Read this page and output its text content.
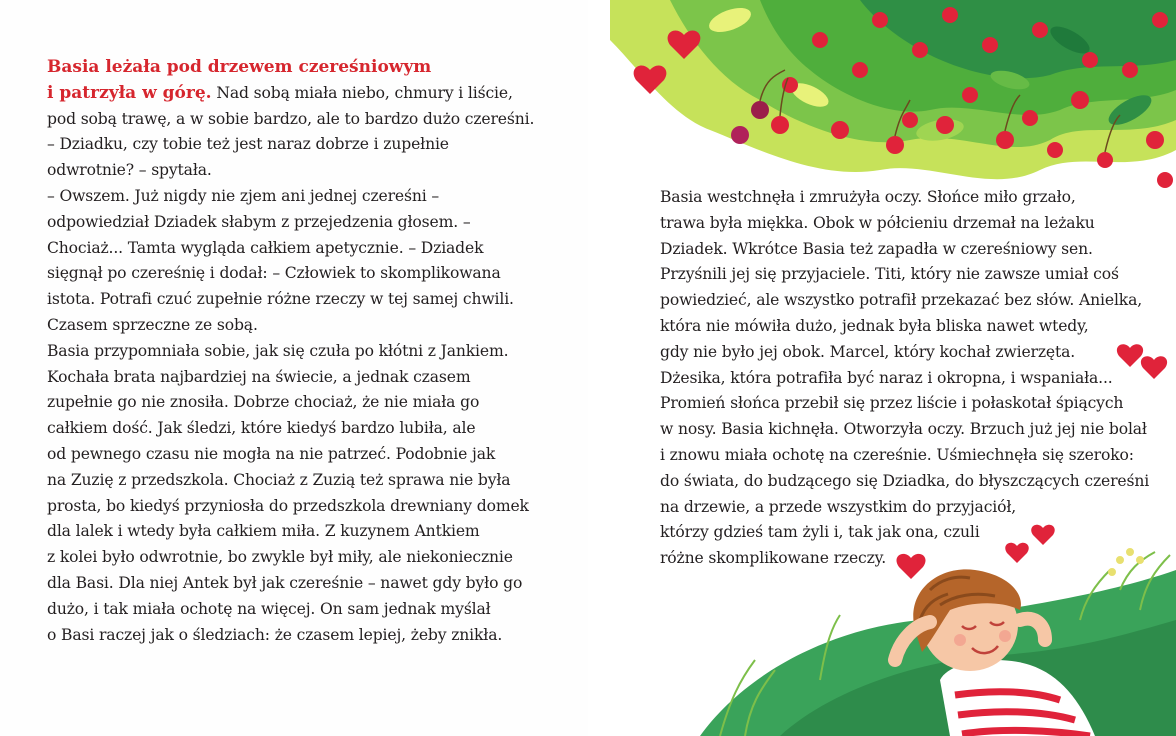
Basia leżała pod drzewem czereśniowym
i patrzyła w górę. Nad sobą miała niebo, chmury i liście,
pod sobą trawę, a w sobie bardzo, ale to bardzo dużo czereśni.
– Dziadku, czy tobie też jest naraz dobrze i zupełnie
odwrotnie? – spytała.
– Owszem. Już nigdy nie zjem ani jednej czereśni –
odpowiedział Dziadek słabym z przejedzenia głosem. –
Chociaż... Tamta wygląda całkiem apetycznie. – Dziadek
sięgnął po czereśnię i dodał: – Człowiek to skomplikowana
istota. Potrafi czuć zupełnie różne rzeczy w tej samej chwili.
Czasem sprzeczne ze sobą.
Basia przypomniała sobie, jak się czuła po kłótni z Jankiem.
Kochała brata najbardziej na świecie, a jednak czasem
zupełnie go nie znosiła. Dobrze chociaż, że nie miała go
całkiem dość. Jak śledzi, które kiedyś bardzo lubiła, ale
od pewnego czasu nie mogła na nie patrzeć. Podobnie jak
na Zuzię z przedszkola. Chociaż z Zuzią też sprawa nie była
prosta, bo kiedyś przyniosła do przedszkola drewniany domek
dla lalek i wtedy była całkiem miła. Z kuzynem Antkiem
z kolei było odwrotnie, bo zwykle był miły, ale niekoniecznie
dla Basi. Dla niej Antek był jak czereśnie – nawet gdy było go
dużo, i tak miała ochotę na więcej. On sam jednak myślał
o Basi raczej jak o śledziach: że czasem lepiej, żeby znikła.
Basia westchnęła i zmrużyła oczy. Słońce miło grzało,
trawa była miękka. Obok w półcieniu drzemał na leżaku
Dziadek. Wkrótce Basia też zapadła w czereśniowy sen.
Przyśnili jej się przyjaciele. Titi, który nie zawsze umiał coś
powiedzieć, ale wszystko potrafił przekazać bez słów. Anielka,
która nie mówiła dużo, jednak była bliska nawet wtedy,
gdy nie było jej obok. Marcel, który kochał zwierzęta.
Dżesika, która potrafiła być naraz i okropna, i wspaniała...
Promień słońca przebił się przez liście i połaskotał śpiących
w nosy. Basia kichnęła. Otworzyła oczy. Brzuch już jej nie bolał
i znowu miała ochotę na czereśnie. Uśmiechnęła się szeroko:
do świata, do budzącego się Dziadka, do błyszczących czereśni
na drzewie, a przede wszystkim do przyjaciół,
którzy gdzieś tam żyli i, tak jak ona, czuli
różne skomplikowane rzeczy.
